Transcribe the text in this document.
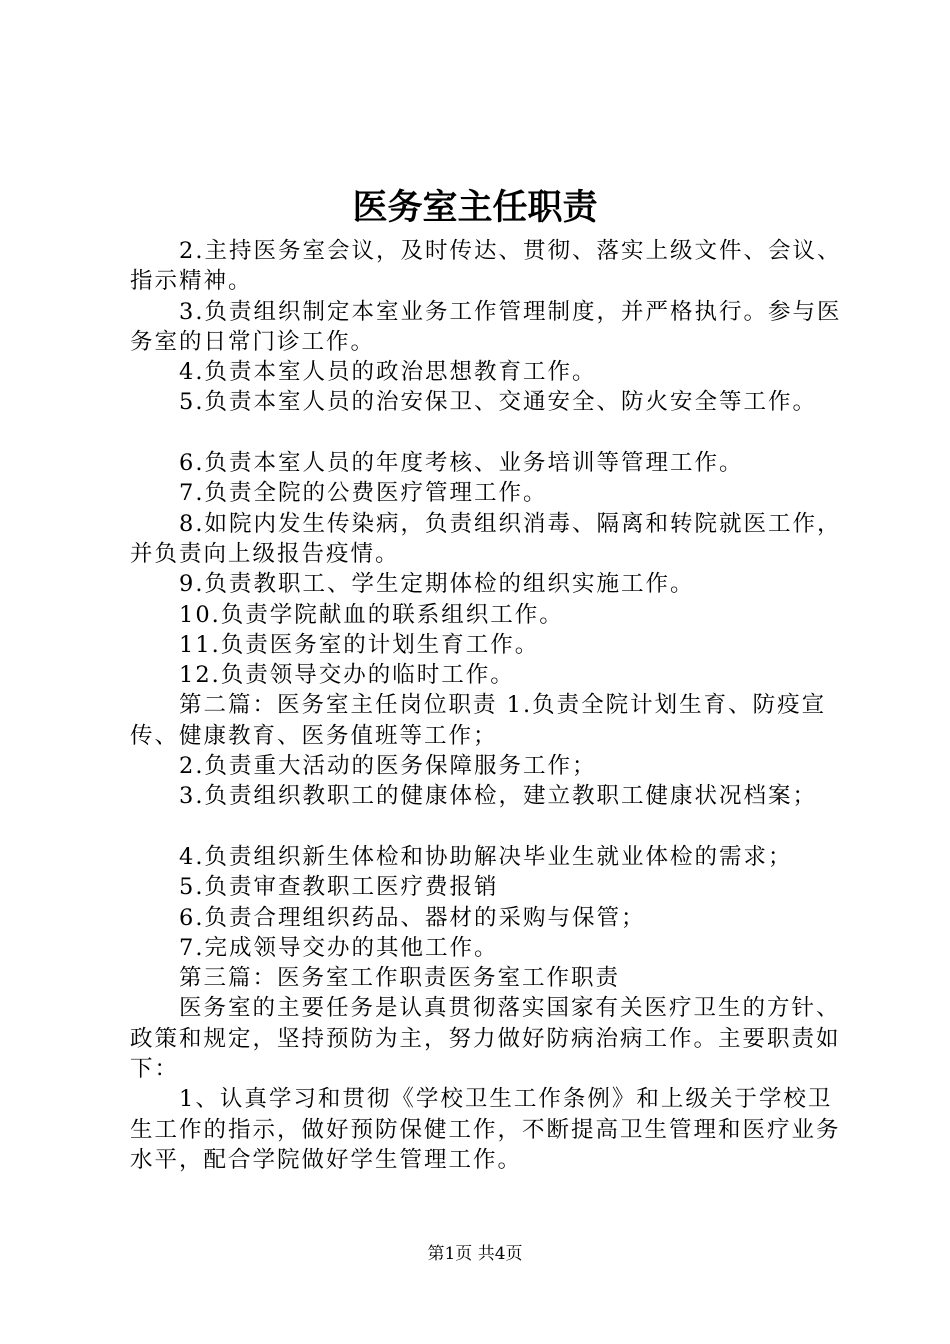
医务室主任职责

2.主持医务室会议，及时传达、贯彻、落实上级文件、会议、指示精神。

3.负责组织制定本室业务工作管理制度，并严格执行。参与医务室的日常门诊工作。

4.负责本室人员的政治思想教育工作。

5.负责本室人员的治安保卫、交通安全、防火安全等工作。

6.负责本室人员的年度考核、业务培训等管理工作。

7.负责全院的公费医疗管理工作。

8.如院内发生传染病，负责组织消毒、隔离和转院就医工作，并负责向上级报告疫情。

9.负责教职工、学生定期体检的组织实施工作。

10.负责学院献血的联系组织工作。

11.负责医务室的计划生育工作。

12.负责领导交办的临时工作。

第二篇：医务室主任岗位职责 1.负责全院计划生育、防疫宣传、健康教育、医务值班等工作；

2.负责重大活动的医务保障服务工作；

3.负责组织教职工的健康体检，建立教职工健康状况档案；

4.负责组织新生体检和协助解决毕业生就业体检的需求；

5.负责审查教职工医疗费报销

6.负责合理组织药品、器材的采购与保管；

7.完成领导交办的其他工作。

第三篇：医务室工作职责医务室工作职责

医务室的主要任务是认真贯彻落实国家有关医疗卫生的方针、政策和规定，坚持预防为主，努力做好防病治病工作。主要职责如下：

1、认真学习和贯彻《学校卫生工作条例》和上级关于学校卫生工作的指示，做好预防保健工作，不断提高卫生管理和医疗业务水平，配合学院做好学生管理工作。

第1页 共4页
